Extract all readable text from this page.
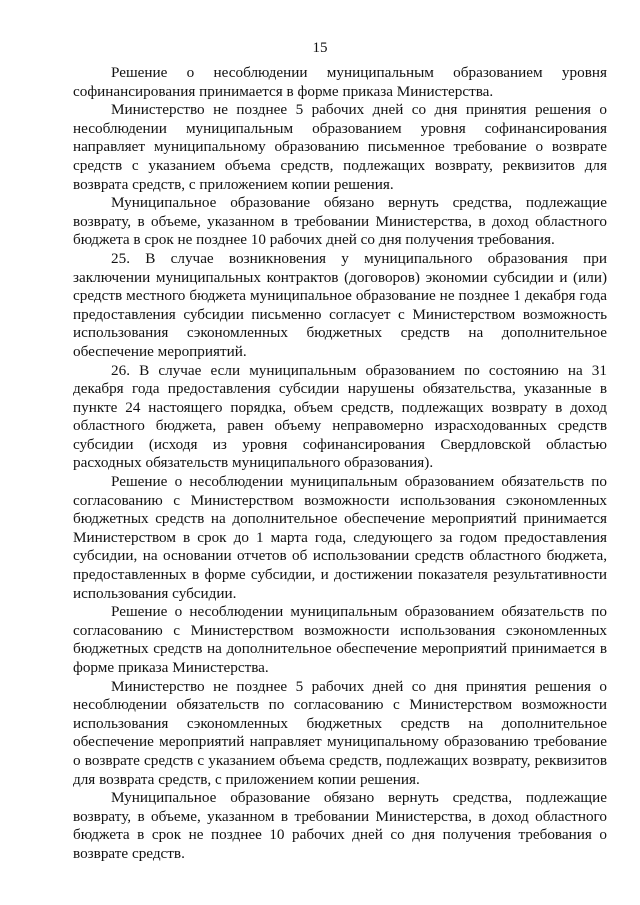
15

Решение о несоблюдении муниципальным образованием уровня софинансирования принимается в форме приказа Министерства.

Министерство не позднее 5 рабочих дней со дня принятия решения о несоблюдении муниципальным образованием уровня софинансирования направляет муниципальному образованию письменное требование о возврате средств с указанием объема средств, подлежащих возврату, реквизитов для возврата средств, с приложением копии решения.

Муниципальное образование обязано вернуть средства, подлежащие возврату, в объеме, указанном в требовании Министерства, в доход областного бюджета в срок не позднее 10 рабочих дней со дня получения требования.

25. В случае возникновения у муниципального образования при заключении муниципальных контрактов (договоров) экономии субсидии и (или) средств местного бюджета муниципальное образование не позднее 1 декабря года предоставления субсидии письменно согласует с Министерством возможность использования сэкономленных бюджетных средств на дополнительное обеспечение мероприятий.

26. В случае если муниципальным образованием по состоянию на 31 декабря года предоставления субсидии нарушены обязательства, указанные в пункте 24 настоящего порядка, объем средств, подлежащих возврату в доход областного бюджета, равен объему неправомерно израсходованных средств субсидии (исходя из уровня софинансирования Свердловской областью расходных обязательств муниципального образования).

Решение о несоблюдении муниципальным образованием обязательств по согласованию с Министерством возможности использования сэкономленных бюджетных средств на дополнительное обеспечение мероприятий принимается Министерством в срок до 1 марта года, следующего за годом предоставления субсидии, на основании отчетов об использовании средств областного бюджета, предоставленных в форме субсидии, и достижении показателя результативности использования субсидии.

Решение о несоблюдении муниципальным образованием обязательств по согласованию с Министерством возможности использования сэкономленных бюджетных средств на дополнительное обеспечение мероприятий принимается в форме приказа Министерства.

Министерство не позднее 5 рабочих дней со дня принятия решения о несоблюдении обязательств по согласованию с Министерством возможности использования сэкономленных бюджетных средств на дополнительное обеспечение мероприятий направляет муниципальному образованию требование о возврате средств с указанием объема средств, подлежащих возврату, реквизитов для возврата средств, с приложением копии решения.

Муниципальное образование обязано вернуть средства, подлежащие возврату, в объеме, указанном в требовании Министерства, в доход областного бюджета в срок не позднее 10 рабочих дней со дня получения требования о возврате средств.
